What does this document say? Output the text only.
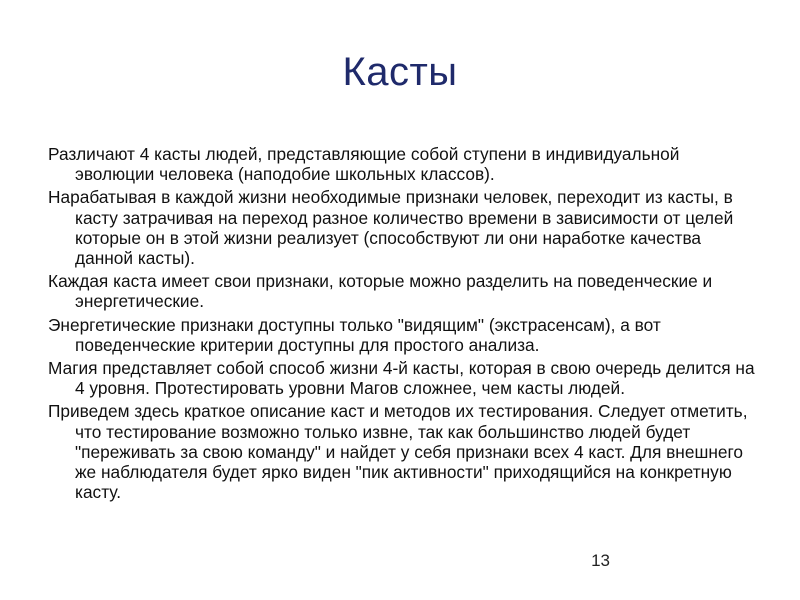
Касты

Различают 4 касты людей, представляющие собой ступени в индивидуальной эволюции человека (наподобие школьных классов).

Нарабатывая в каждой жизни необходимые признаки человек, переходит из касты, в касту затрачивая на переход разное количество времени в зависимости от целей которые он в этой жизни реализует (способствуют ли они наработке качества данной касты).

Каждая каста имеет свои признаки, которые можно разделить на поведенческие и энергетические.

Энергетические признаки доступны только "видящим" (экстрасенсам), а вот поведенческие критерии доступны для простого анализа.

Магия представляет собой способ жизни 4-й касты, которая в свою очередь делится на 4 уровня. Протестировать уровни Магов сложнее, чем касты людей.

Приведем здесь краткое описание каст и методов их тестирования. Следует отметить, что тестирование возможно только извне, так как большинство людей будет "переживать за свою команду" и найдет у себя признаки всех 4 каст. Для внешнего же наблюдателя будет ярко виден "пик активности" приходящийся на конкретную касту.

13
